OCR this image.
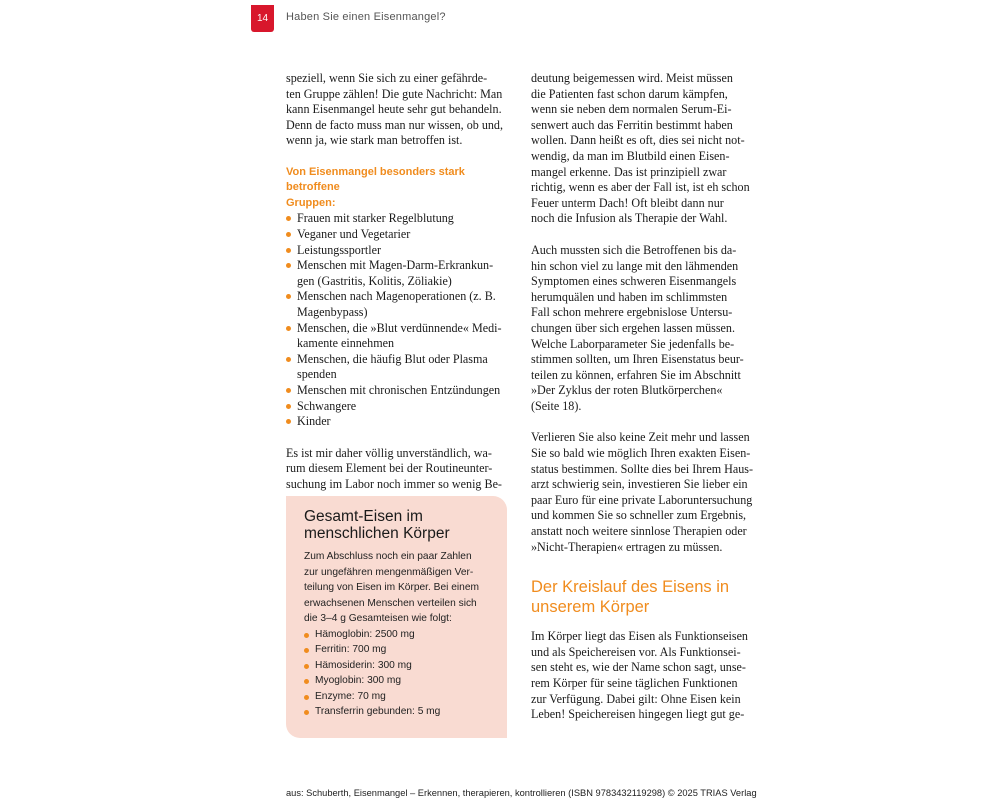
14	Haben Sie einen Eisenmangel?

speziell, wenn Sie sich zu einer gefährde-
ten Gruppe zählen! Die gute Nachricht: Man
kann Eisenmangel heute sehr gut behandeln.
Denn de facto muss man nur wissen, ob und,
wenn ja, wie stark man betroffen ist.

Von Eisenmangel besonders stark betroffene
Gruppen:

Frauen mit starker Regelblutung
Veganer und Vegetarier
Leistungssportler
Menschen mit Magen-Darm-Erkrankun-
gen (Gastritis, Kolitis, Zöliakie)
Menschen nach Magenoperationen (z. B.
Magenbypass)
Menschen, die »Blut verdünnende« Medi-
kamente einnehmen
Menschen, die häufig Blut oder Plasma
spenden
Menschen mit chronischen Entzündungen
Schwangere
Kinder

Es ist mir daher völlig unverständlich, wa-
rum diesem Element bei der Routineunter-
suchung im Labor noch immer so wenig Be-

Gesamt-Eisen im
menschlichen Körper

Zum Abschluss noch ein paar Zahlen
zur ungefähren mengenmäßigen Ver-
teilung von Eisen im Körper. Bei einem
erwachsenen Menschen verteilen sich
die 3–4 g Gesamteisen wie folgt:

Hämoglobin: 2500 mg
Ferritin: 700 mg
Hämosiderin: 300 mg
Myoglobin: 300 mg
Enzyme: 70 mg
Transferrin gebunden: 5 mg

deutung beigemessen wird. Meist müssen
die Patienten fast schon darum kämpfen,
wenn sie neben dem normalen Serum-Ei-
senwert auch das Ferritin bestimmt haben
wollen. Dann heißt es oft, dies sei nicht not-
wendig, da man im Blutbild einen Eisen-
mangel erkenne. Das ist prinzipiell zwar
richtig, wenn es aber der Fall ist, ist eh schon
Feuer unterm Dach! Oft bleibt dann nur
noch die Infusion als Therapie der Wahl.

Auch mussten sich die Betroffenen bis da-
hin schon viel zu lange mit den lähmenden
Symptomen eines schweren Eisenmangels
herumquälen und haben im schlimmsten
Fall schon mehrere ergebnislose Untersu-
chungen über sich ergehen lassen müssen.
Welche Laborparameter Sie jedenfalls be-
stimmen sollten, um Ihren Eisenstatus beur-
teilen zu können, erfahren Sie im Abschnitt
»Der Zyklus der roten Blutkörperchen«
(Seite 18).

Verlieren Sie also keine Zeit mehr und lassen
Sie so bald wie möglich Ihren exakten Eisen-
status bestimmen. Sollte dies bei Ihrem Haus-
arzt schwierig sein, investieren Sie lieber ein
paar Euro für eine private Laboruntersuchung
und kommen Sie so schneller zum Ergebnis,
anstatt noch weitere sinnlose Therapien oder
»Nicht-Therapien« ertragen zu müssen.

Der Kreislauf des Eisens in
unserem Körper

Im Körper liegt das Eisen als Funktionseisen
und als Speichereisen vor. Als Funktionsei-
sen steht es, wie der Name schon sagt, unse-
rem Körper für seine täglichen Funktionen
zur Verfügung. Dabei gilt: Ohne Eisen kein
Leben! Speichereisen hingegen liegt gut ge-

aus: Schuberth, Eisenmangel – Erkennen, therapieren, kontrollieren (ISBN 9783432119298) © 2025 TRIAS Verlag
